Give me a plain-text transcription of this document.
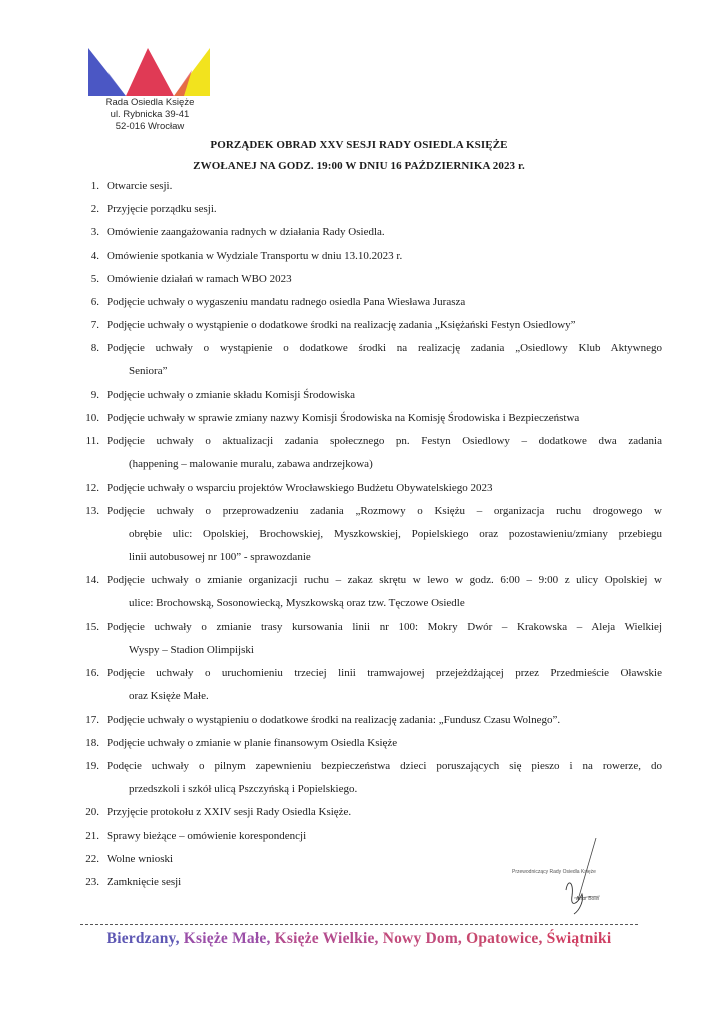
Rada Osiedla Księże
ul. Rybnicka 39-41
52-016 Wrocław
PORZĄDEK OBRAD XXV SESJI RADY OSIEDLA KSIĘŻE
ZWOŁANEJ NA GODZ. 19:00 W DNIU 16 PAŹDZIERNIKA 2023 r.
1. Otwarcie sesji.
2. Przyjęcie porządku sesji.
3. Omówienie zaangażowania radnych w działania Rady Osiedla.
4. Omówienie spotkania w Wydziale Transportu w dniu 13.10.2023 r.
5. Omówienie działań w ramach WBO 2023
6. Podjęcie uchwały o wygaszeniu mandatu radnego osiedla Pana Wiesława Jurasza
7. Podjęcie uchwały o wystąpienie o dodatkowe środki na realizację zadania „Księżański Festyn Osiedlowy”
8. Podjęcie uchwały o wystąpienie o dodatkowe środki na realizację zadania „Osiedlowy Klub Aktywnego
Seniora”
9. Podjęcie uchwały o zmianie składu Komisji Środowiska
10. Podjęcie uchwały w sprawie zmiany nazwy Komisji Środowiska na Komisję Środowiska i Bezpieczeństwa
11. Podjęcie uchwały o aktualizacji zadania społecznego pn. Festyn Osiedlowy – dodatkowe dwa zadania
(happening – malowanie muralu, zabawa andrzejkowa)
12. Podjęcie uchwały o wsparciu projektów Wrocławskiego Budżetu Obywatelskiego 2023
13. Podjęcie uchwały o przeprowadzeniu zadania „Rozmowy o Księżu – organizacja ruchu drogowego w
obrębie ulic: Opolskiej, Brochowskiej, Myszkowskiej, Popielskiego oraz pozostawieniu/zmiany przebiegu
linii autobusowej nr 100” - sprawozdanie
14. Podjęcie uchwały o zmianie organizacji ruchu – zakaz skrętu w lewo w godz. 6:00 – 9:00 z ulicy Opolskiej w
ulice: Brochowską, Sosonowiecką, Myszkowską oraz tzw. Tęczowe Osiedle
15. Podjęcie uchwały o zmianie trasy kursowania linii nr 100: Mokry Dwór – Krakowska – Aleja Wielkiej
Wyspy – Stadion Olimpijski
16. Podjęcie uchwały o uruchomieniu trzeciej linii tramwajowej przejeżdżającej przez Przedmieście Oławskie
oraz Księże Małe.
17. Podjęcie uchwały o wystąpieniu o dodatkowe środki na realizację zadania: „Fundusz Czasu Wolnego”.
18. Podjęcie uchwały o zmianie w planie finansowym Osiedla Księże
19. Podęcie uchwały o pilnym zapewnieniu bezpieczeństwa dzieci poruszających się pieszo i na rowerze, do
przedszkoli i szkół ulicą Pszczyńską i Popielskiego.
20. Przyjęcie protokołu z XXIV sesji Rady Osiedla Księże.
21. Sprawy bieżące – omówienie korespondencji
22. Wolne wnioski
23. Zamknięcie sesji
Przewodniczący Rady Osiedla Księże
Artur Bolin
Bierdzany, Księże Małe, Księże Wielkie, Nowy Dom, Opatowice, Świątniki
